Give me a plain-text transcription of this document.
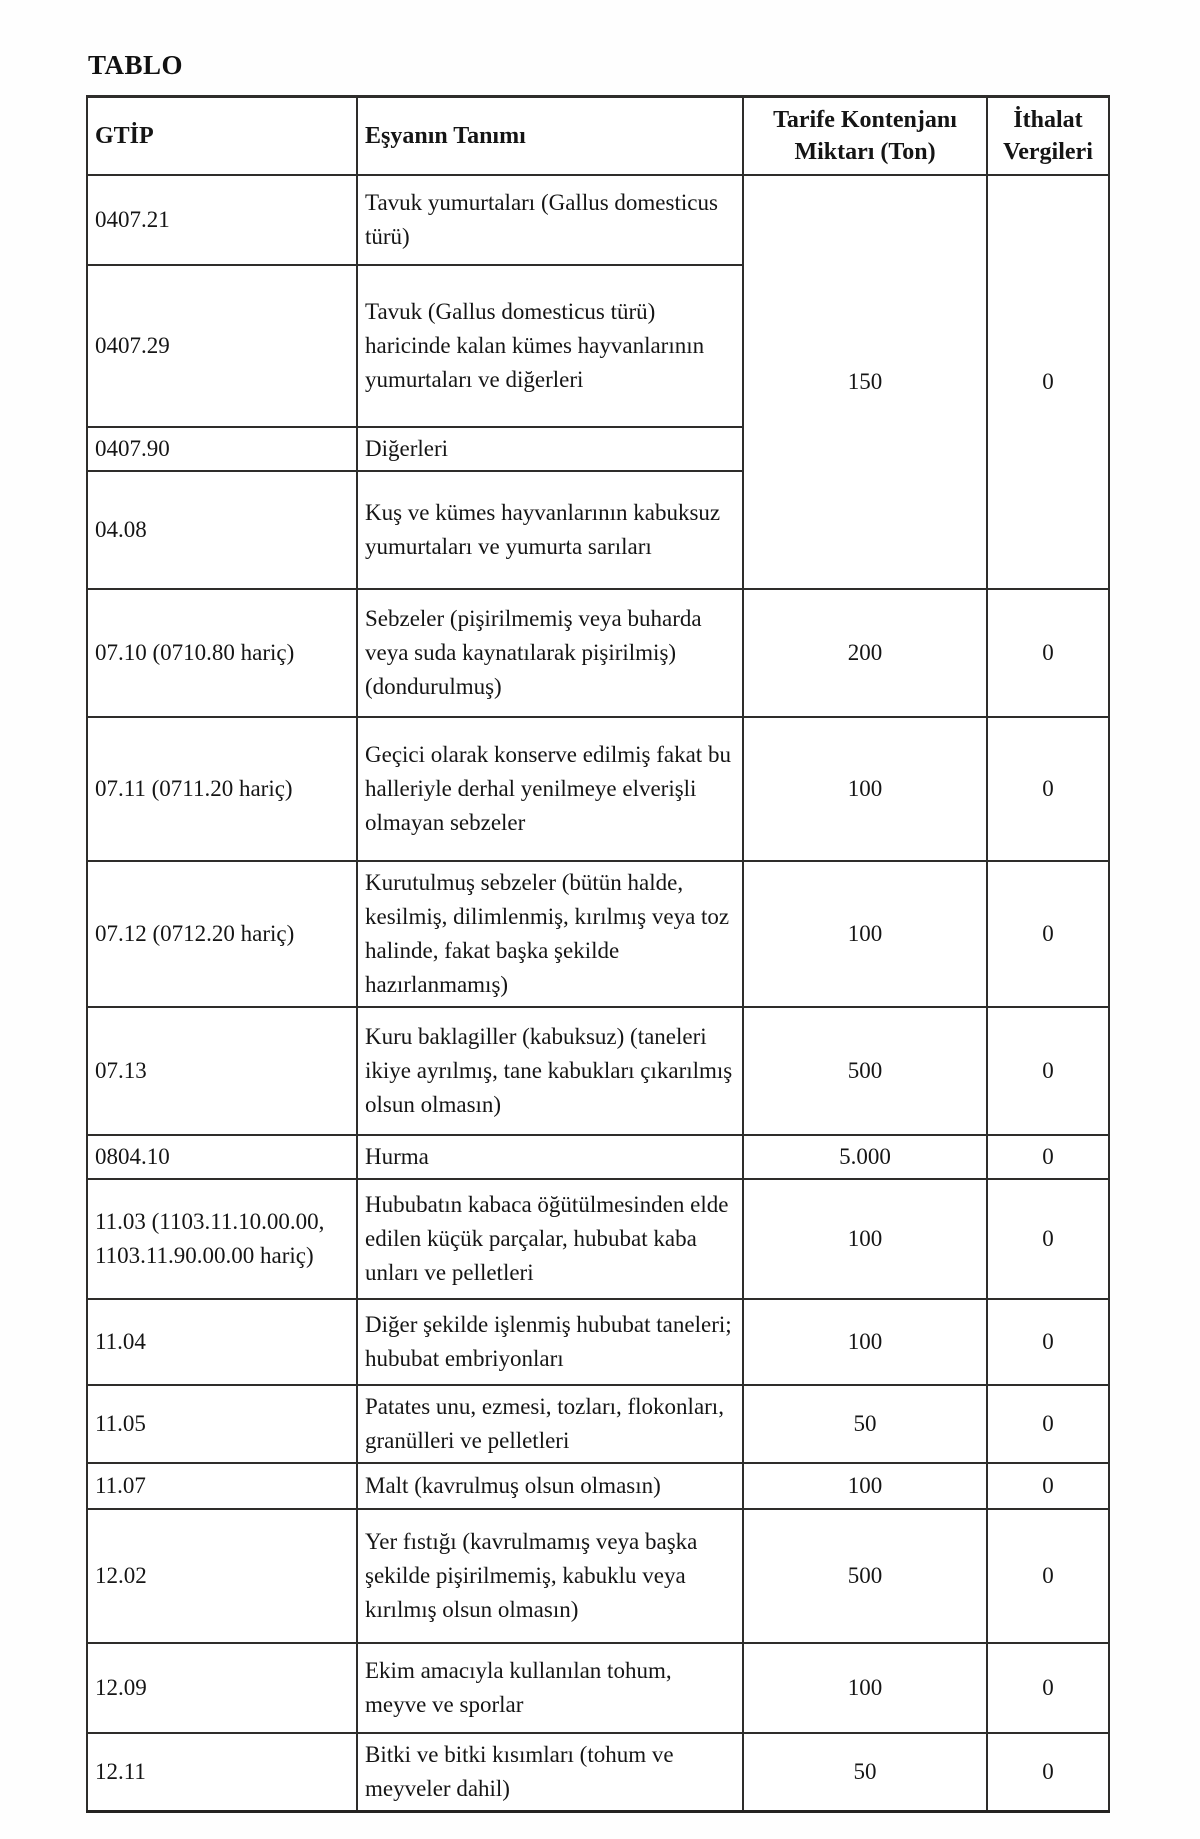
TABLO
GTİP	Eşyanın Tanımı	Tarife Kontenjanı Miktarı (Ton)	İthalat Vergileri
0407.21	Tavuk yumurtaları (Gallus domesticus türü)	150	0
0407.29	Tavuk (Gallus domesticus türü) haricinde kalan kümes hayvanlarının yumurtaları ve diğerleri		
0407.90	Diğerleri		
04.08	Kuş ve kümes hayvanlarının kabuksuz yumurtaları ve yumurta sarıları		
07.10 (0710.80 hariç)	Sebzeler (pişirilmemiş veya buharda veya suda kaynatılarak pişirilmiş) (dondurulmuş)	200	0
07.11 (0711.20 hariç)	Geçici olarak konserve edilmiş fakat bu halleriyle derhal yenilmeye elverişli olmayan sebzeler	100	0
07.12 (0712.20 hariç)	Kurutulmuş sebzeler (bütün halde, kesilmiş, dilimlenmiş, kırılmış veya toz halinde, fakat başka şekilde hazırlanmamış)	100	0
07.13	Kuru baklagiller (kabuksuz) (taneleri ikiye ayrılmış, tane kabukları çıkarılmış olsun olmasın)	500	0
0804.10	Hurma	5.000	0
11.03 (1103.11.10.00.00, 1103.11.90.00.00 hariç)	Hububatın kabaca öğütülmesinden elde edilen küçük parçalar, hububat kaba unları ve pelletleri	100	0
11.04	Diğer şekilde işlenmiş hububat taneleri; hububat embriyonları	100	0
11.05	Patates unu, ezmesi, tozları, flokonları, granülleri ve pelletleri	50	0
11.07	Malt (kavrulmuş olsun olmasın)	100	0
12.02	Yer fıstığı (kavrulmamış veya başka şekilde pişirilmemiş, kabuklu veya kırılmış olsun olmasın)	500	0
12.09	Ekim amacıyla kullanılan tohum, meyve ve sporlar	100	0
12.11	Bitki ve bitki kısımları (tohum ve meyveler dahil)	50	0
